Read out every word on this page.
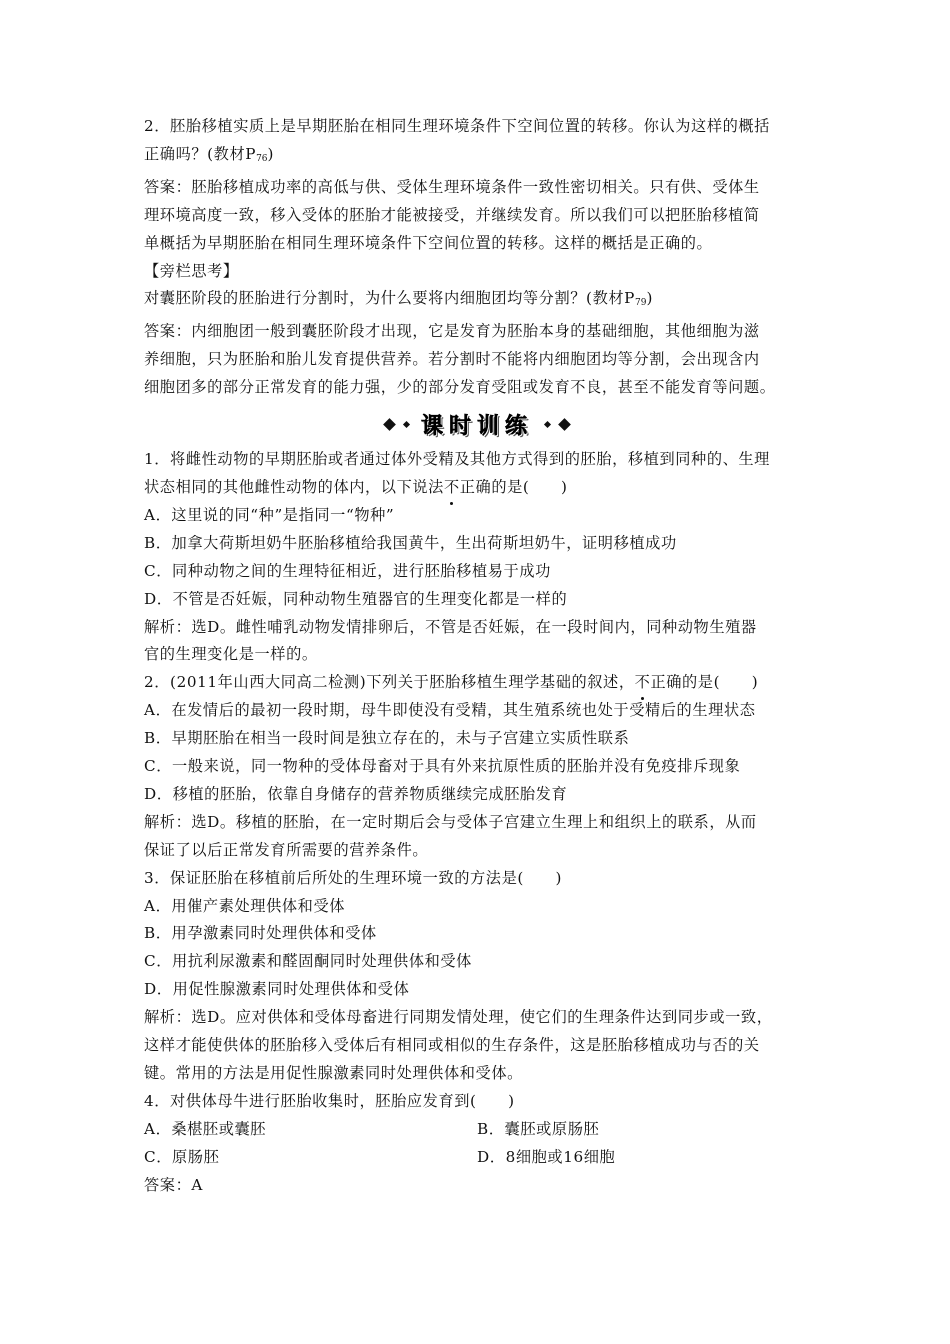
2．胚胎移植实质上是早期胚胎在相同生理环境条件下空间位置的转移。你认为这样的概括
正确吗？(教材$P_{76}$)
答案：胚胎移植成功率的高低与供、受体生理环境条件一致性密切相关。只有供、受体生
理环境高度一致，移入受体的胚胎才能被接受，并继续发育。所以我们可以把胚胎移植简
单概括为早期胚胎在相同生理环境条件下空间位置的转移。这样的概括是正确的。
【旁栏思考】
对囊胚阶段的胚胎进行分割时，为什么要将内细胞团均等分割？(教材$P_{79}$)
答案：内细胞团一般到囊胚阶段才出现，它是发育为胚胎本身的基础细胞，其他细胞为滋
养细胞，只为胚胎和胎儿发育提供营养。若分割时不能将内细胞团均等分割，会出现含内
细胞团多的部分正常发育的能力强，少的部分发育受阻或发育不良，甚至不能发育等问题。
课时训练
1．将雌性动物的早期胚胎或者通过体外受精及其他方式得到的胚胎，移植到同种的、生理
状态相同的其他雌性动物的体内，以下说法不正确的是(　　)
A．这里说的同“种”是指同一“物种”
B．加拿大荷斯坦奶牛胚胎移植给我国黄牛，生出荷斯坦奶牛，证明移植成功
C．同种动物之间的生理特征相近，进行胚胎移植易于成功
D．不管是否妊娠，同种动物生殖器官的生理变化都是一样的
解析：选D。雌性哺乳动物发情排卵后，不管是否妊娠，在一段时间内，同种动物生殖器
官的生理变化是一样的。
2．(2011年山西大同高二检测)下列关于胚胎移植生理学基础的叙述，不正确的是(　　)
A．在发情后的最初一段时期，母牛即使没有受精，其生殖系统也处于受精后的生理状态
B．早期胚胎在相当一段时间是独立存在的，未与子宫建立实质性联系
C．一般来说，同一物种的受体母畜对于具有外来抗原性质的胚胎并没有免疫排斥现象
D．移植的胚胎，依靠自身储存的营养物质继续完成胚胎发育
解析：选D。移植的胚胎，在一定时期后会与受体子宫建立生理上和组织上的联系，从而
保证了以后正常发育所需要的营养条件。
3．保证胚胎在移植前后所处的生理环境一致的方法是(　　)
A．用催产素处理供体和受体
B．用孕激素同时处理供体和受体
C．用抗利尿激素和醛固酮同时处理供体和受体
D．用促性腺激素同时处理供体和受体
解析：选D。应对供体和受体母畜进行同期发情处理，使它们的生理条件达到同步或一致，
这样才能使供体的胚胎移入受体后有相同或相似的生存条件，这是胚胎移植成功与否的关
键。常用的方法是用促性腺激素同时处理供体和受体。
4．对供体母牛进行胚胎收集时，胚胎应发育到(　　)
A．桑椹胚或囊胚	B．囊胚或原肠胚
C．原肠胚	D．8细胞或16细胞
答案：A
